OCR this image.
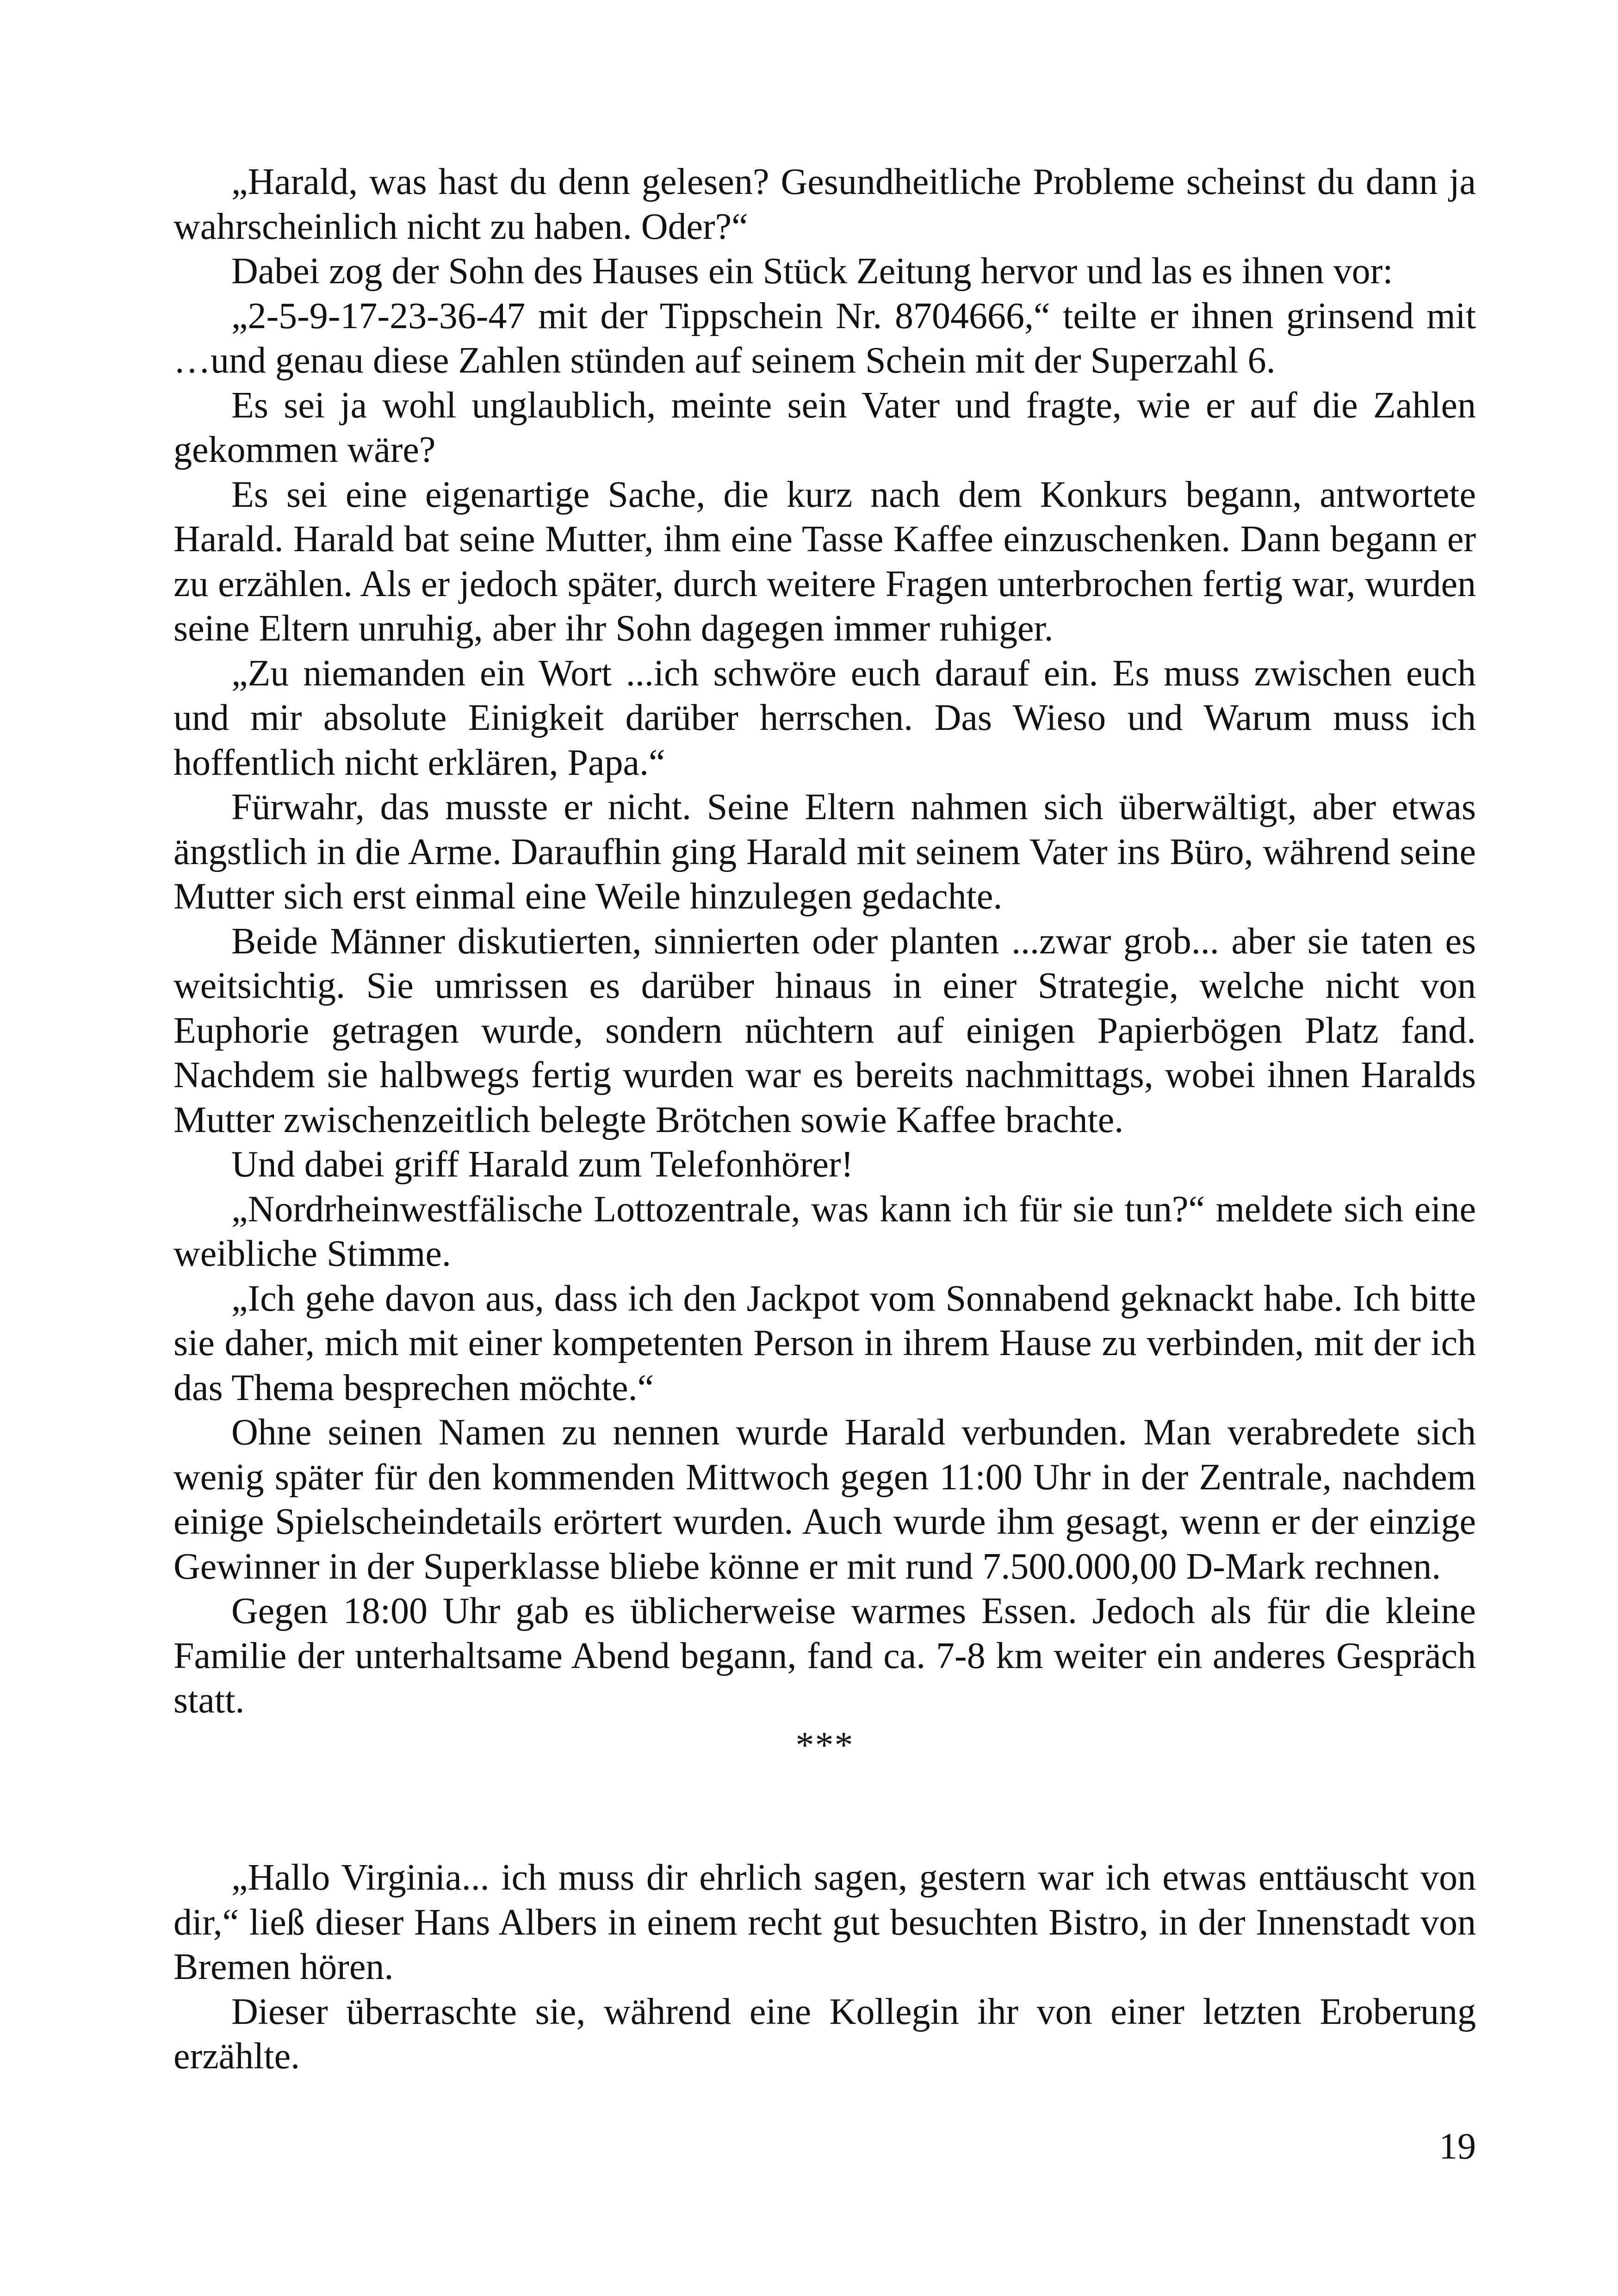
„Harald, was hast du denn gelesen? Gesundheitliche Probleme scheinst du dann ja wahrscheinlich nicht zu haben. Oder?“

Dabei zog der Sohn des Hauses ein Stück Zeitung hervor und las es ihnen vor:

„2-5-9-17-23-36-47 mit der Tippschein Nr. 8704666,“ teilte er ihnen grinsend mit …und genau diese Zahlen stünden auf seinem Schein mit der Superzahl 6.

Es sei ja wohl unglaublich, meinte sein Vater und fragte, wie er auf die Zahlen gekommen wäre?

Es sei eine eigenartige Sache, die kurz nach dem Konkurs begann, antwortete Harald. Harald bat seine Mutter, ihm eine Tasse Kaffee einzuschenken. Dann begann er zu erzählen. Als er jedoch später, durch weitere Fragen unterbrochen fertig war, wurden seine Eltern unruhig, aber ihr Sohn dagegen immer ruhiger.

„Zu niemanden ein Wort ...ich schwöre euch darauf ein. Es muss zwischen euch und mir absolute Einigkeit darüber herrschen. Das Wieso und Warum muss ich hoffentlich nicht erklären, Papa.“

Fürwahr, das musste er nicht. Seine Eltern nahmen sich überwältigt, aber etwas ängstlich in die Arme. Daraufhin ging Harald mit seinem Vater ins Büro, während seine Mutter sich erst einmal eine Weile hinzulegen gedachte.

Beide Männer diskutierten, sinnierten oder planten ...zwar grob... aber sie taten es weitsichtig. Sie umrissen es darüber hinaus in einer Strategie, welche nicht von Euphorie getragen wurde, sondern nüchtern auf einigen Papierbögen Platz fand. Nachdem sie halbwegs fertig wurden war es bereits nachmittags, wobei ihnen Haralds Mutter zwischenzeitlich belegte Brötchen sowie Kaffee brachte.

Und dabei griff Harald zum Telefonhörer!

„Nordrheinwestfälische Lottozentrale, was kann ich für sie tun?“ meldete sich eine weibliche Stimme.

„Ich gehe davon aus, dass ich den Jackpot vom Sonnabend geknackt habe. Ich bitte sie daher, mich mit einer kompetenten Person in ihrem Hause zu verbinden, mit der ich das Thema besprechen möchte.“

Ohne seinen Namen zu nennen wurde Harald verbunden. Man verabredete sich wenig später für den kommenden Mittwoch gegen 11:00 Uhr in der Zentrale, nachdem einige Spielscheindetails erörtert wurden. Auch wurde ihm gesagt, wenn er der einzige Gewinner in der Superklasse bliebe könne er mit rund 7.500.000,00 D-Mark rechnen.

Gegen 18:00 Uhr gab es üblicherweise warmes Essen. Jedoch als für die kleine Familie der unterhaltsame Abend begann, fand ca. 7-8 km weiter ein anderes Gespräch statt.

***

„Hallo Virginia... ich muss dir ehrlich sagen, gestern war ich etwas enttäuscht von dir,“ ließ dieser Hans Albers in einem recht gut besuchten Bistro, in der Innenstadt von Bremen hören.

Dieser überraschte sie, während eine Kollegin ihr von einer letzten Eroberung erzählte.

19
